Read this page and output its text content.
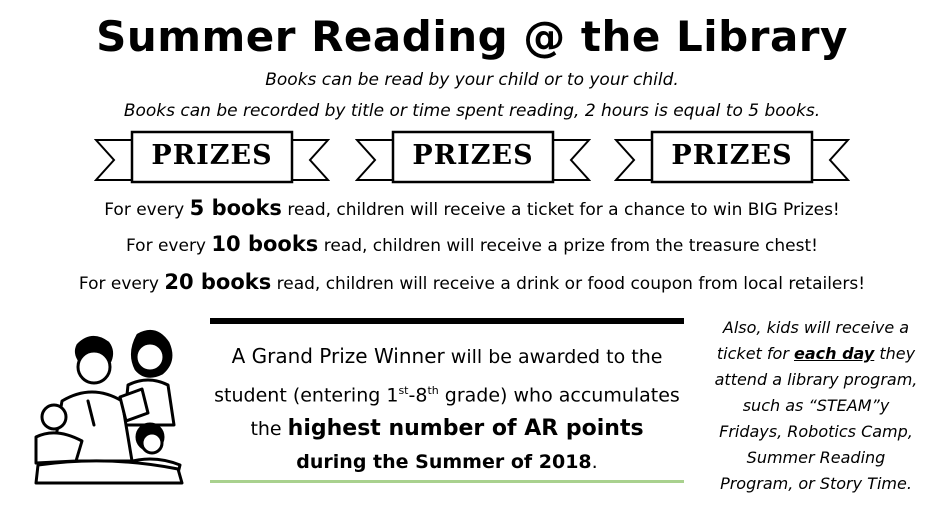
Summer Reading @ the Library
Books can be read by your child or to your child.
Books can be recorded by title or time spent reading, 2 hours is equal to 5 books.
PRIZES	PRIZES	PRIZES
For every 5 books read, children will receive a ticket for a chance to win BIG Prizes!
For every 10 books read, children will receive a prize from the treasure chest!
For every 20 books read, children will receive a drink or food coupon from local retailers!
A Grand Prize Winner will be awarded to the
student (entering 1st-8th grade) who accumulates
the highest number of AR points
during the Summer of 2018.
Also, kids will receive a
ticket for each day they
attend a library program,
such as “STEAM”y
Fridays, Robotics Camp,
Summer Reading
Program, or Story Time.
